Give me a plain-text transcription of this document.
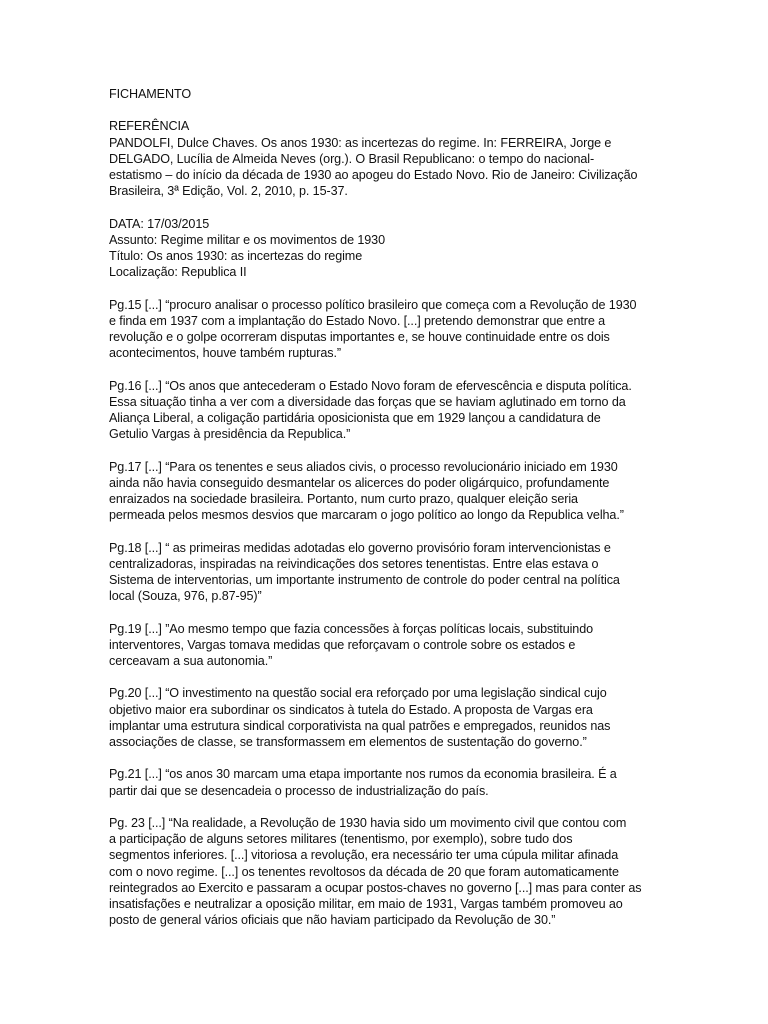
FICHAMENTO
REFERÊNCIA
PANDOLFI, Dulce Chaves. Os anos 1930: as incertezas do regime. In: FERREIRA, Jorge e
DELGADO, Lucília de Almeida Neves (org.). O Brasil Republicano: o tempo do nacional-
estatismo – do início da década de 1930 ao apogeu do Estado Novo. Rio de Janeiro: Civilização
Brasileira, 3ª Edição, Vol. 2, 2010, p. 15-37.
DATA: 17/03/2015
Assunto: Regime militar e os movimentos de 1930
Título: Os anos 1930: as incertezas do regime
Localização: Republica II
Pg.15 [...] “procuro analisar o processo político brasileiro que começa com a Revolução de 1930
e finda em 1937 com a implantação do Estado Novo. [...] pretendo demonstrar que entre a
revolução e o golpe ocorreram disputas importantes e, se houve continuidade entre os dois
acontecimentos, houve também rupturas.”
Pg.16 [...] “Os anos que antecederam o Estado Novo foram de efervescência e disputa política.
Essa situação tinha a ver com a diversidade das forças que se haviam aglutinado em torno da
Aliança Liberal, a coligação partidária oposicionista que em 1929 lançou a candidatura de
Getulio Vargas à presidência da Republica.”
Pg.17 [...] “Para os tenentes e seus aliados civis, o processo revolucionário iniciado em 1930
ainda não havia conseguido desmantelar os alicerces do poder oligárquico, profundamente
enraizados na sociedade brasileira. Portanto, num curto prazo, qualquer eleição seria
permeada pelos mesmos desvios que marcaram o jogo político ao longo da Republica velha.”
Pg.18 [...] “ as primeiras medidas adotadas elo governo provisório foram intervencionistas e
centralizadoras, inspiradas na reivindicações dos setores tenentistas. Entre elas estava o
Sistema de interventorias, um importante instrumento de controle do poder central na política
local (Souza, 976, p.87-95)”
Pg.19 [...] ”Ao mesmo tempo que fazia concessões à forças políticas locais, substituindo
interventores, Vargas tomava medidas que reforçavam o controle sobre os estados e
cerceavam a sua autonomia.”
Pg.20 [...] “O investimento na questão social era reforçado por uma legislação sindical cujo
objetivo maior era subordinar os sindicatos à tutela do Estado. A proposta de Vargas era
implantar uma estrutura sindical corporativista na qual patrões e empregados, reunidos nas
associações de classe, se transformassem em elementos de sustentação do governo.”
Pg.21 [...] “os anos 30 marcam uma etapa importante nos rumos da economia brasileira. É a
partir dai que se desencadeia o processo de industrialização do país.
Pg. 23 [...] “Na realidade, a Revolução de 1930 havia sido um movimento civil que contou com
a participação de alguns setores militares (tenentismo, por exemplo), sobre tudo dos
segmentos inferiores. [...] vitoriosa a revolução, era necessário ter uma cúpula militar afinada
com o novo regime. [...] os tenentes revoltosos da década de 20 que foram automaticamente
reintegrados ao Exercito e passaram a ocupar postos-chaves no governo [...] mas para conter as
insatisfações e neutralizar a oposição militar, em maio de 1931, Vargas também promoveu ao
posto de general vários oficiais que não haviam participado da Revolução de 30.”
